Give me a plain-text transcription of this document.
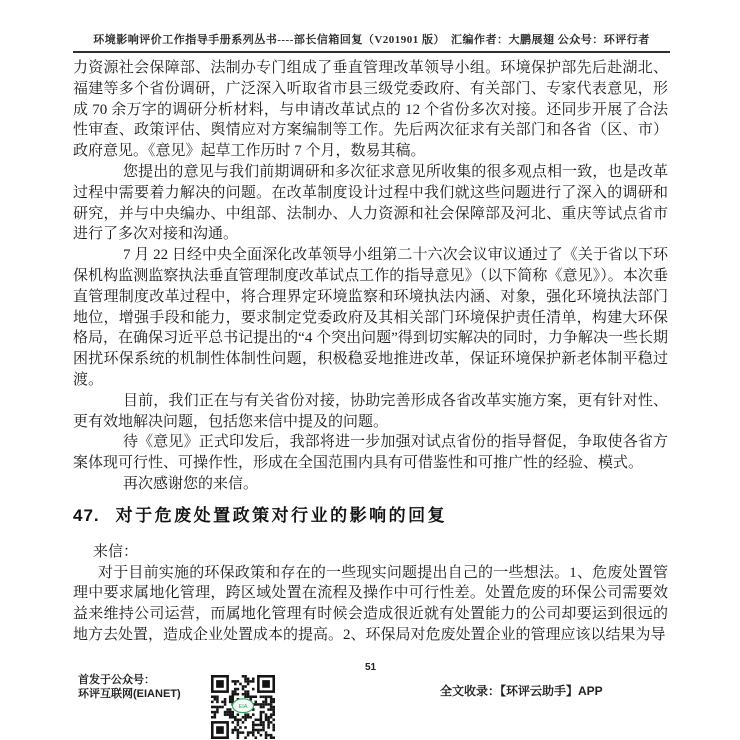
环境影响评价工作指导手册系列丛书----部长信箱回复（V201901 版）　汇编作者：大鹏展翅 公众号：环评行者

力资源社会保障部、法制办专门组成了垂直管理改革领导小组。环境保护部先后赴湖北、福建等多个省份调研，广泛深入听取省市县三级党委政府、有关部门、专家代表意见，形成 70 余万字的调研分析材料，与申请改革试点的 12 个省份多次对接。还同步开展了合法性审查、政策评估、舆情应对方案编制等工作。先后两次征求有关部门和各省（区、市）政府意见。《意见》起草工作历时 7 个月，数易其稿。

您提出的意见与我们前期调研和多次征求意见所收集的很多观点相一致，也是改革过程中需要着力解决的问题。在改革制度设计过程中我们就这些问题进行了深入的调研和研究，并与中央编办、中组部、法制办、人力资源和社会保障部及河北、重庆等试点省市进行了多次对接和沟通。

7 月 22 日经中央全面深化改革领导小组第二十六次会议审议通过了《关于省以下环保机构监测监察执法垂直管理制度改革试点工作的指导意见》（以下简称《意见》）。本次垂直管理制度改革过程中，将合理界定环境监察和环境执法内涵、对象，强化环境执法部门地位，增强手段和能力，要求制定党委政府及其相关部门环境保护责任清单，构建大环保格局，在确保习近平总书记提出的“4 个突出问题”得到切实解决的同时，力争解决一些长期困扰环保系统的机制性体制性问题，积极稳妥地推进改革，保证环境保护新老体制平稳过渡。

目前，我们正在与有关省份对接，协助完善形成各省改革实施方案，更有针对性、更有效地解决问题，包括您来信中提及的问题。

待《意见》正式印发后，我部将进一步加强对试点省份的指导督促，争取使各省方案体现可行性、可操作性，形成在全国范围内具有可借鉴性和可推广性的经验、模式。

再次感谢您的来信。

47. 对于危废处置政策对行业的影响的回复

来信：

对于目前实施的环保政策和存在的一些现实问题提出自己的一些想法。1、危废处置管理中要求属地化管理，跨区域处置在流程及操作中可行性差。处置危废的环保公司需要效益来维持公司运营，而属地化管理有时候会造成很近就有处置能力的公司却要运到很远的地方去处置，造成企业处置成本的提高。2、环保局对危废处置企业的管理应该以结果为导

51
首发于公众号：
环评互联网(EIANET)
EIA
全文收录：【环评云助手】APP
